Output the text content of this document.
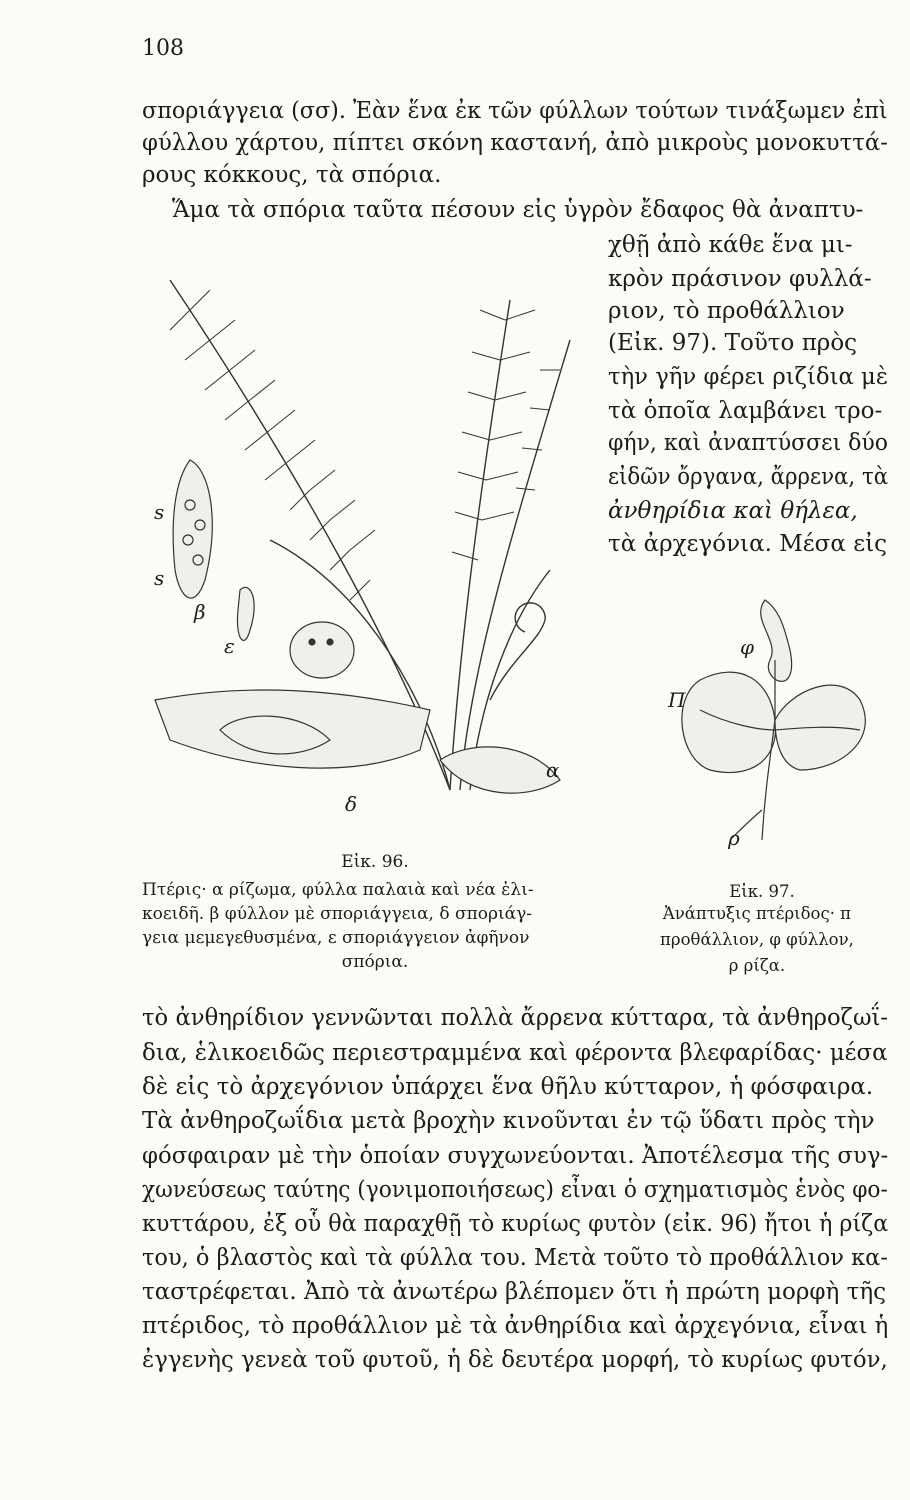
108
σποριάγγεια (σσ). Ἐὰν ἕνα ἐκ τῶν φύλλων τούτων τινάξωμεν ἐπὶ
φύλλου χάρτου, πίπτει σκόνη καστανή, ἀπὸ μικροὺς μονοκυττά-
ρους κόκκους, τὰ σπόρια.
Ἅμα τὰ σπόρια ταῦτα πέσουν εἰς ὑγρὸν ἔδαφος θὰ ἀναπτυ-
χθῇ ἀπὸ κάθε ἕνα μι-
κρὸν πράσινον φυλλά-
ριον, τὸ προθάλλιον
(Εἰκ. 97). Τοῦτο πρὸς
τὴν γῆν φέρει ριζίδια μὲ
τὰ ὁποῖα λαμβάνει τρο-
φήν, καὶ ἀναπτύσσει δύο
εἰδῶν ὄργανα, ἄρρενα, τὰ
ἀνθηρίδια καὶ θήλεα,
τὰ ἀρχεγόνια. Μέσα εἰς
s
s
β
ε
δ
α
Εἰκ. 96.
Πτέρις· α ρίζωμα, φύλλα παλαιὰ καὶ νέα ἑλι-
κοειδῆ. β φύλλον μὲ σποριάγγεια, δ σποριάγ-
γεια μεμεγεθυσμένα, ε σποριάγγειον ἀφῆνον
σπόρια.
φ
Π
ρ
Εἰκ. 97.
Ἀνάπτυξις πτέριδος· π
προθάλλιον, φ φύλλον,
ρ ρίζα.
τὸ ἀνθηρίδιον γεννῶνται πολλὰ ἄρρενα κύτταρα, τὰ ἀνθηροζωΐ-
δια, ἑλικοειδῶς περιεστραμμένα καὶ φέροντα βλεφαρίδας· μέσα
δὲ εἰς τὸ ἀρχεγόνιον ὑπάρχει ἕνα θῆλυ κύτταρον, ἡ φόσφαιρα.
Τὰ ἀνθηροζωΐδια μετὰ βροχὴν κινοῦνται ἐν τῷ ὕδατι πρὸς τὴν
φόσφαιραν μὲ τὴν ὁποίαν συγχωνεύονται. Ἀποτέλεσμα τῆς συγ-
χωνεύσεως ταύτης (γονιμοποιήσεως) εἶναι ὁ σχηματισμὸς ἑνὸς φο-
κυττάρου, ἐξ οὗ θὰ παραχθῇ τὸ κυρίως φυτὸν (εἰκ. 96) ἤτοι ἡ ρίζα
του, ὁ βλαστὸς καὶ τὰ φύλλα του. Μετὰ τοῦτο τὸ προθάλλιον κα-
ταστρέφεται. Ἀπὸ τὰ ἀνωτέρω βλέπομεν ὅτι ἡ πρώτη μορφὴ τῆς
πτέριδος, τὸ προθάλλιον μὲ τὰ ἀνθηρίδια καὶ ἀρχεγόνια, εἶναι ἡ
ἐγγενὴς γενεὰ τοῦ φυτοῦ, ἡ δὲ δευτέρα μορφή, τὸ κυρίως φυτόν,
